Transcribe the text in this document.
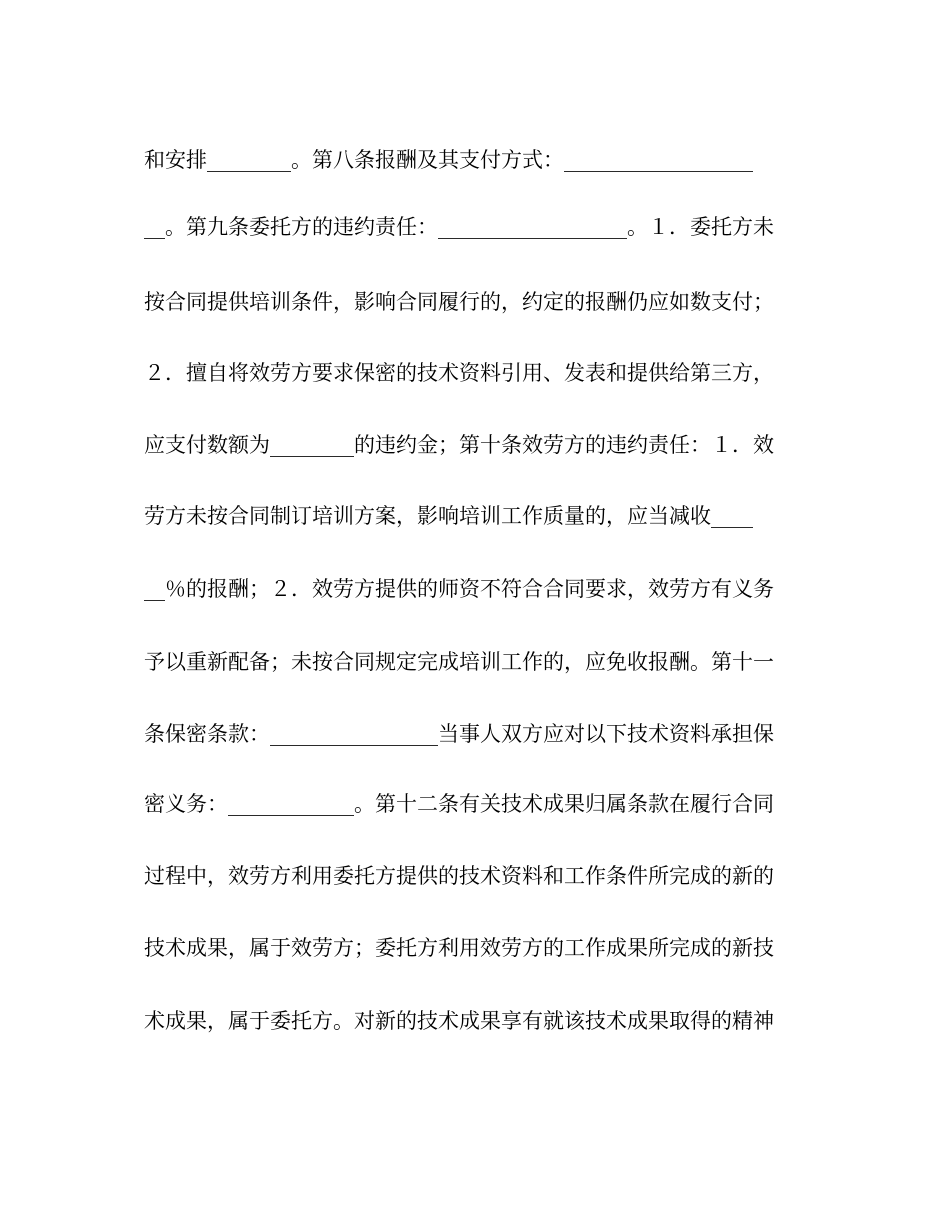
和安排________。第八条报酬及其支付方式：__________________
__。第九条委托方的违约责任：__________________。１．委托方未
按合同提供培训条件，影响合同履行的，约定的报酬仍应如数支付；
２．擅自将效劳方要求保密的技术资料引用、发表和提供给第三方，
应支付数额为________的违约金；第十条效劳方的违约责任：１．效
劳方未按合同制订培训方案，影响培训工作质量的，应当减收____
__％的报酬；２．效劳方提供的师资不符合合同要求，效劳方有义务
予以重新配备；未按合同规定完成培训工作的，应免收报酬。第十一
条保密条款：________________当事人双方应对以下技术资料承担保
密义务：____________。第十二条有关技术成果归属条款在履行合同
过程中，效劳方利用委托方提供的技术资料和工作条件所完成的新的
技术成果，属于效劳方；委托方利用效劳方的工作成果所完成的新技
术成果，属于委托方。对新的技术成果享有就该技术成果取得的精神
